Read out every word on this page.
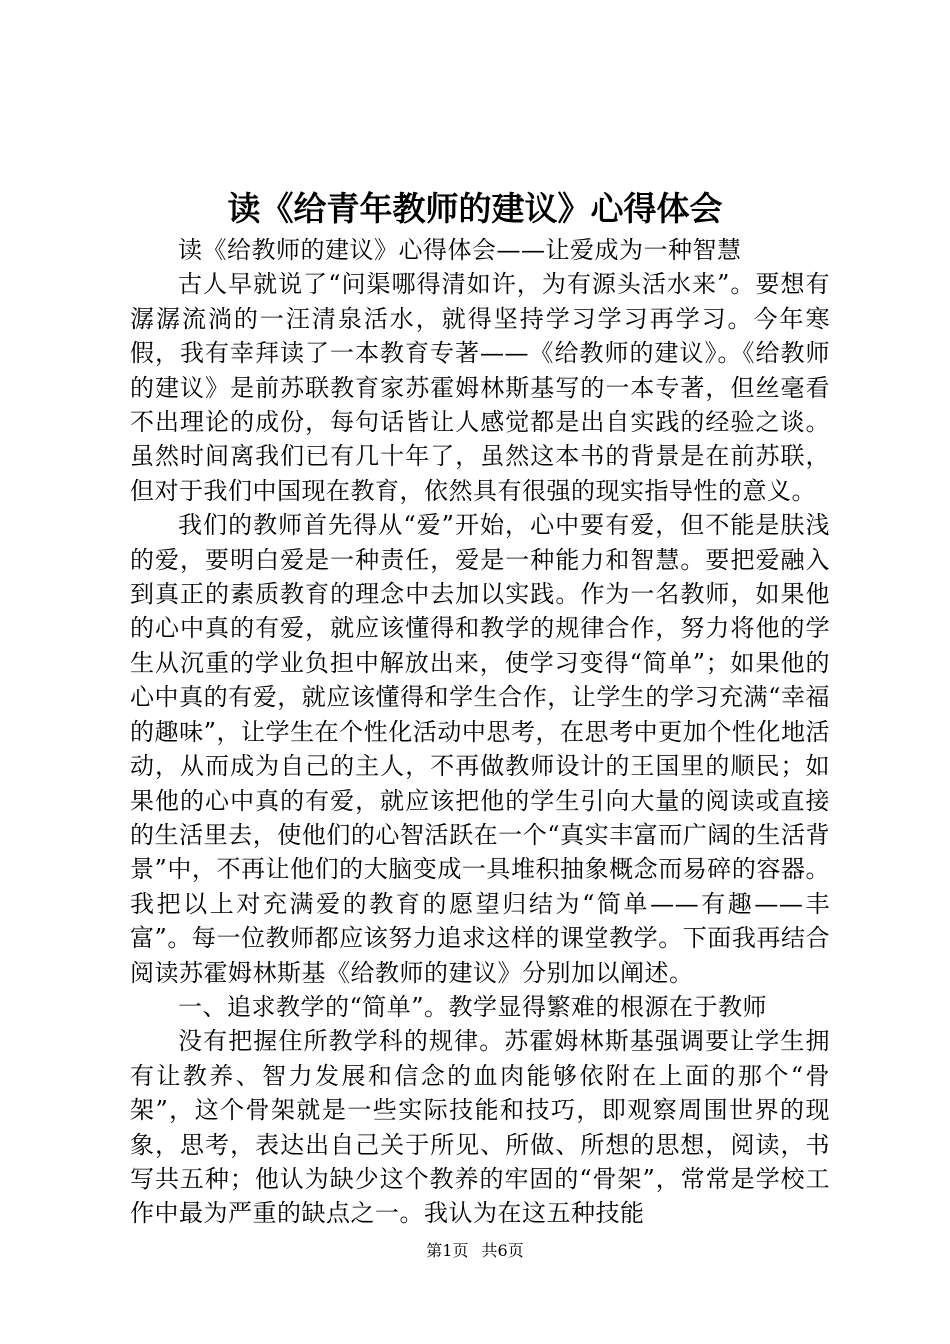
读《给青年教师的建议》心得体会

读《给教师的建议》心得体会——让爱成为一种智慧

古人早就说了“问渠哪得清如许，为有源头活水来”。要想有潺潺流淌的一汪清泉活水，就得坚持学习学习再学习。今年寒假，我有幸拜读了一本教育专著——《给教师的建议》。《给教师的建议》是前苏联教育家苏霍姆林斯基写的一本专著，但丝毫看不出理论的成份，每句话皆让人感觉都是出自实践的经验之谈。虽然时间离我们已有几十年了，虽然这本书的背景是在前苏联，但对于我们中国现在教育，依然具有很强的现实指导性的意义。

我们的教师首先得从“爱”开始，心中要有爱，但不能是肤浅的爱，要明白爱是一种责任，爱是一种能力和智慧。要把爱融入到真正的素质教育的理念中去加以实践。作为一名教师，如果他的心中真的有爱，就应该懂得和教学的规律合作，努力将他的学生从沉重的学业负担中解放出来，使学习变得“简单”；如果他的心中真的有爱，就应该懂得和学生合作，让学生的学习充满“幸福的趣味”，让学生在个性化活动中思考，在思考中更加个性化地活动，从而成为自己的主人，不再做教师设计的王国里的顺民；如果他的心中真的有爱，就应该把他的学生引向大量的阅读或直接的生活里去，使他们的心智活跃在一个“真实丰富而广阔的生活背景”中，不再让他们的大脑变成一具堆积抽象概念而易碎的容器。我把以上对充满爱的教育的愿望归结为“简单——有趣——丰富”。每一位教师都应该努力追求这样的课堂教学。下面我再结合阅读苏霍姆林斯基《给教师的建议》分别加以阐述。

一、追求教学的“简单”。教学显得繁难的根源在于教师

没有把握住所教学科的规律。苏霍姆林斯基强调要让学生拥有让教养、智力发展和信念的血肉能够依附在上面的那个“骨架”，这个骨架就是一些实际技能和技巧，即观察周围世界的现象，思考，表达出自己关于所见、所做、所想的思想，阅读，书写共五种；他认为缺少这个教养的牢固的“骨架”，常常是学校工作中最为严重的缺点之一。我认为在这五种技能

第1页 共6页
